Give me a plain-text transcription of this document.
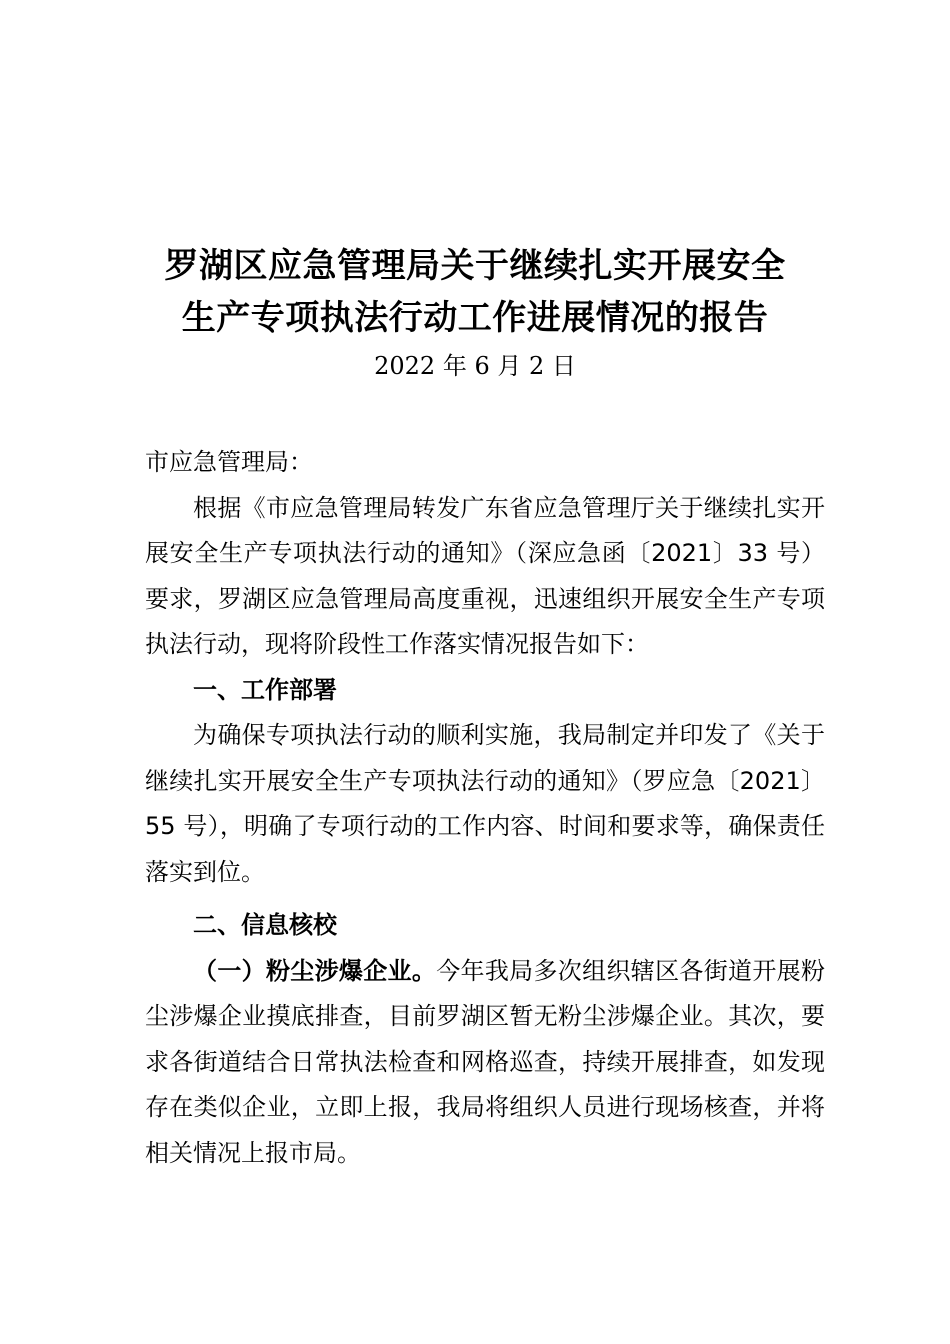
罗湖区应急管理局关于继续扎实开展安全
生产专项执法行动工作进展情况的报告
2022 年 6 月 2 日

市应急管理局：

根据《市应急管理局转发广东省应急管理厅关于继续扎实开展安全生产专项执法行动的通知》（深应急函〔2021〕33 号）要求，罗湖区应急管理局高度重视，迅速组织开展安全生产专项执法行动，现将阶段性工作落实情况报告如下：

一、工作部署

为确保专项执法行动的顺利实施，我局制定并印发了《关于继续扎实开展安全生产专项执法行动的通知》（罗应急〔2021〕55 号），明确了专项行动的工作内容、时间和要求等，确保责任落实到位。

二、信息核校

（一）粉尘涉爆企业。今年我局多次组织辖区各街道开展粉 尘涉爆企业摸底排查，目前罗湖区暂无粉尘涉爆企业。其次，要求各街道结合日常执法检查和网格巡查，持续开展排查，如发现存在类似企业，立即上报，我局将组织人员进行现场核查，并将相关情况上报市局。
